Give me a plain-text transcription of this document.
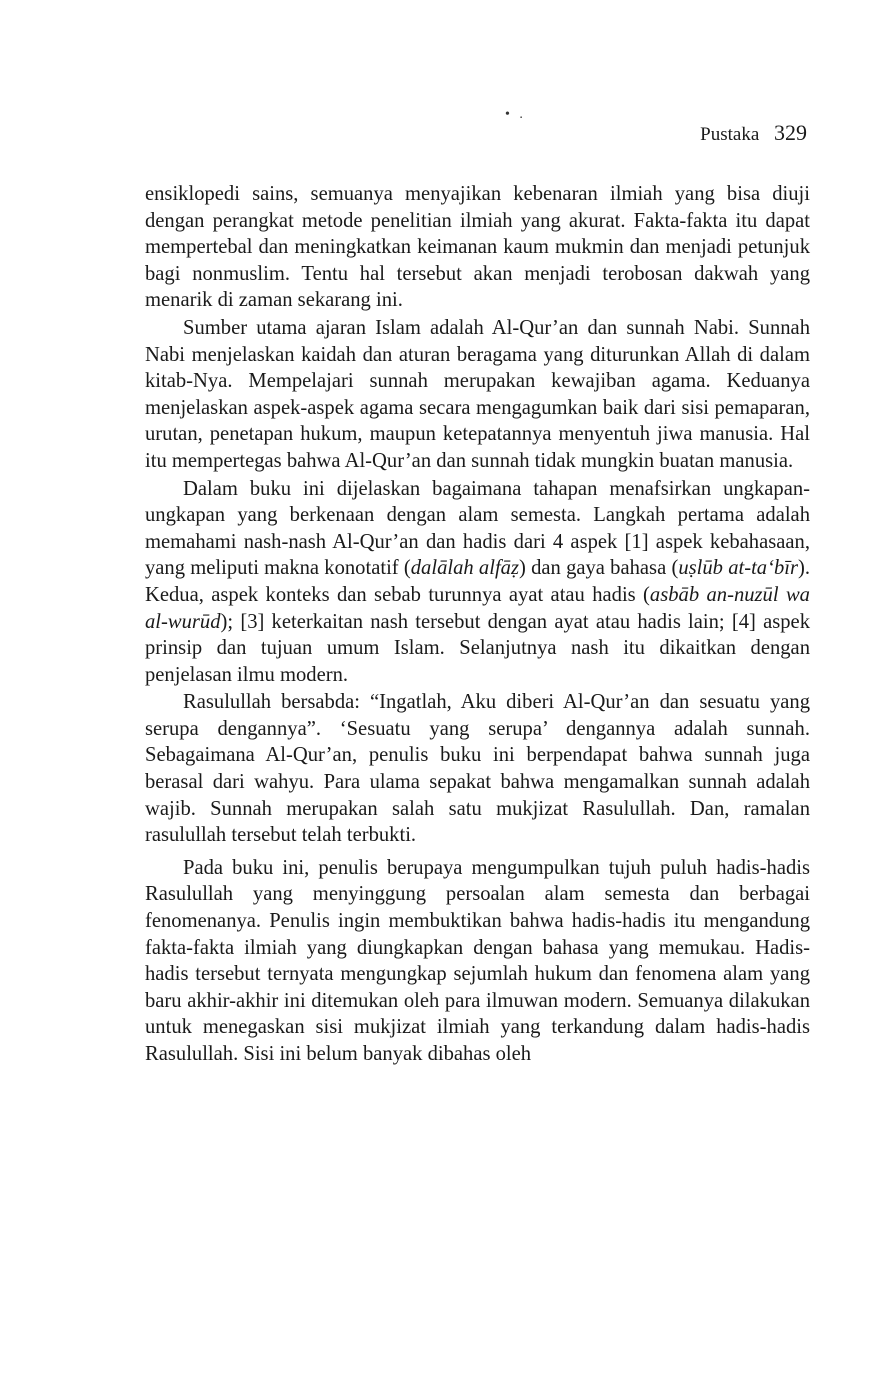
• .
Pustaka 329

ensiklopedi sains, semuanya menyajikan kebenaran ilmiah yang bisa diuji dengan perangkat metode penelitian ilmiah yang akurat. Fakta-fakta itu dapat mempertebal dan meningkatkan keimanan kaum mukmin dan menjadi petunjuk bagi nonmuslim. Tentu hal tersebut akan menjadi terobosan dakwah yang menarik di zaman sekarang ini.

Sumber utama ajaran Islam adalah Al-Qur’an dan sunnah Nabi. Sunnah Nabi menjelaskan kaidah dan aturan beragama yang diturunkan Allah di dalam kitab-Nya. Mempelajari sunnah merupakan kewajiban agama. Keduanya menjelaskan aspek-aspek agama secara mengagumkan baik dari sisi pemaparan, urutan, penetapan hukum, maupun ketepatannya menyentuh jiwa manusia. Hal itu mempertegas bahwa Al-Qur’an dan sunnah tidak mungkin buatan manusia.

Dalam buku ini dijelaskan bagaimana tahapan menafsirkan ungkapan-ungkapan yang berkenaan dengan alam semesta. Langkah pertama adalah memahami nash-nash Al-Qur’an dan hadis dari 4 aspek [1] aspek kebahasaan, yang meliputi makna konotatif (dalālah alfāẓ) dan gaya bahasa (uṣlūb at-ta‘bīr). Kedua, aspek konteks dan sebab turunnya ayat atau hadis (asbāb an-nuzūl wa al-wurūd); [3] keterkaitan nash tersebut dengan ayat atau hadis lain; [4] aspek prinsip dan tujuan umum Islam. Selanjutnya nash itu dikaitkan dengan penjelasan ilmu modern.

Rasulullah bersabda: “Ingatlah, Aku diberi Al-Qur’an dan sesuatu yang serupa dengannya”. ‘Sesuatu yang serupa’ dengannya adalah sunnah. Sebagaimana Al-Qur’an, penulis buku ini berpendapat bahwa sunnah juga berasal dari wahyu. Para ulama sepakat bahwa mengamalkan sunnah adalah wajib. Sunnah merupakan salah satu mukjizat Rasulullah. Dan, ramalan rasulullah tersebut telah terbukti.

Pada buku ini, penulis berupaya mengumpulkan tujuh puluh hadis-hadis Rasulullah yang menyinggung persoalan alam semesta dan berbagai fenomenanya. Penulis ingin membuktikan bahwa hadis-hadis itu mengandung fakta-fakta ilmiah yang diungkapkan dengan bahasa yang memukau. Hadis-hadis tersebut ternyata mengungkap sejumlah hukum dan fenomena alam yang baru akhir-akhir ini ditemukan oleh para ilmuwan modern. Semuanya dilakukan untuk menegaskan sisi mukjizat ilmiah yang terkandung dalam hadis-hadis Rasulullah. Sisi ini belum banyak dibahas oleh
